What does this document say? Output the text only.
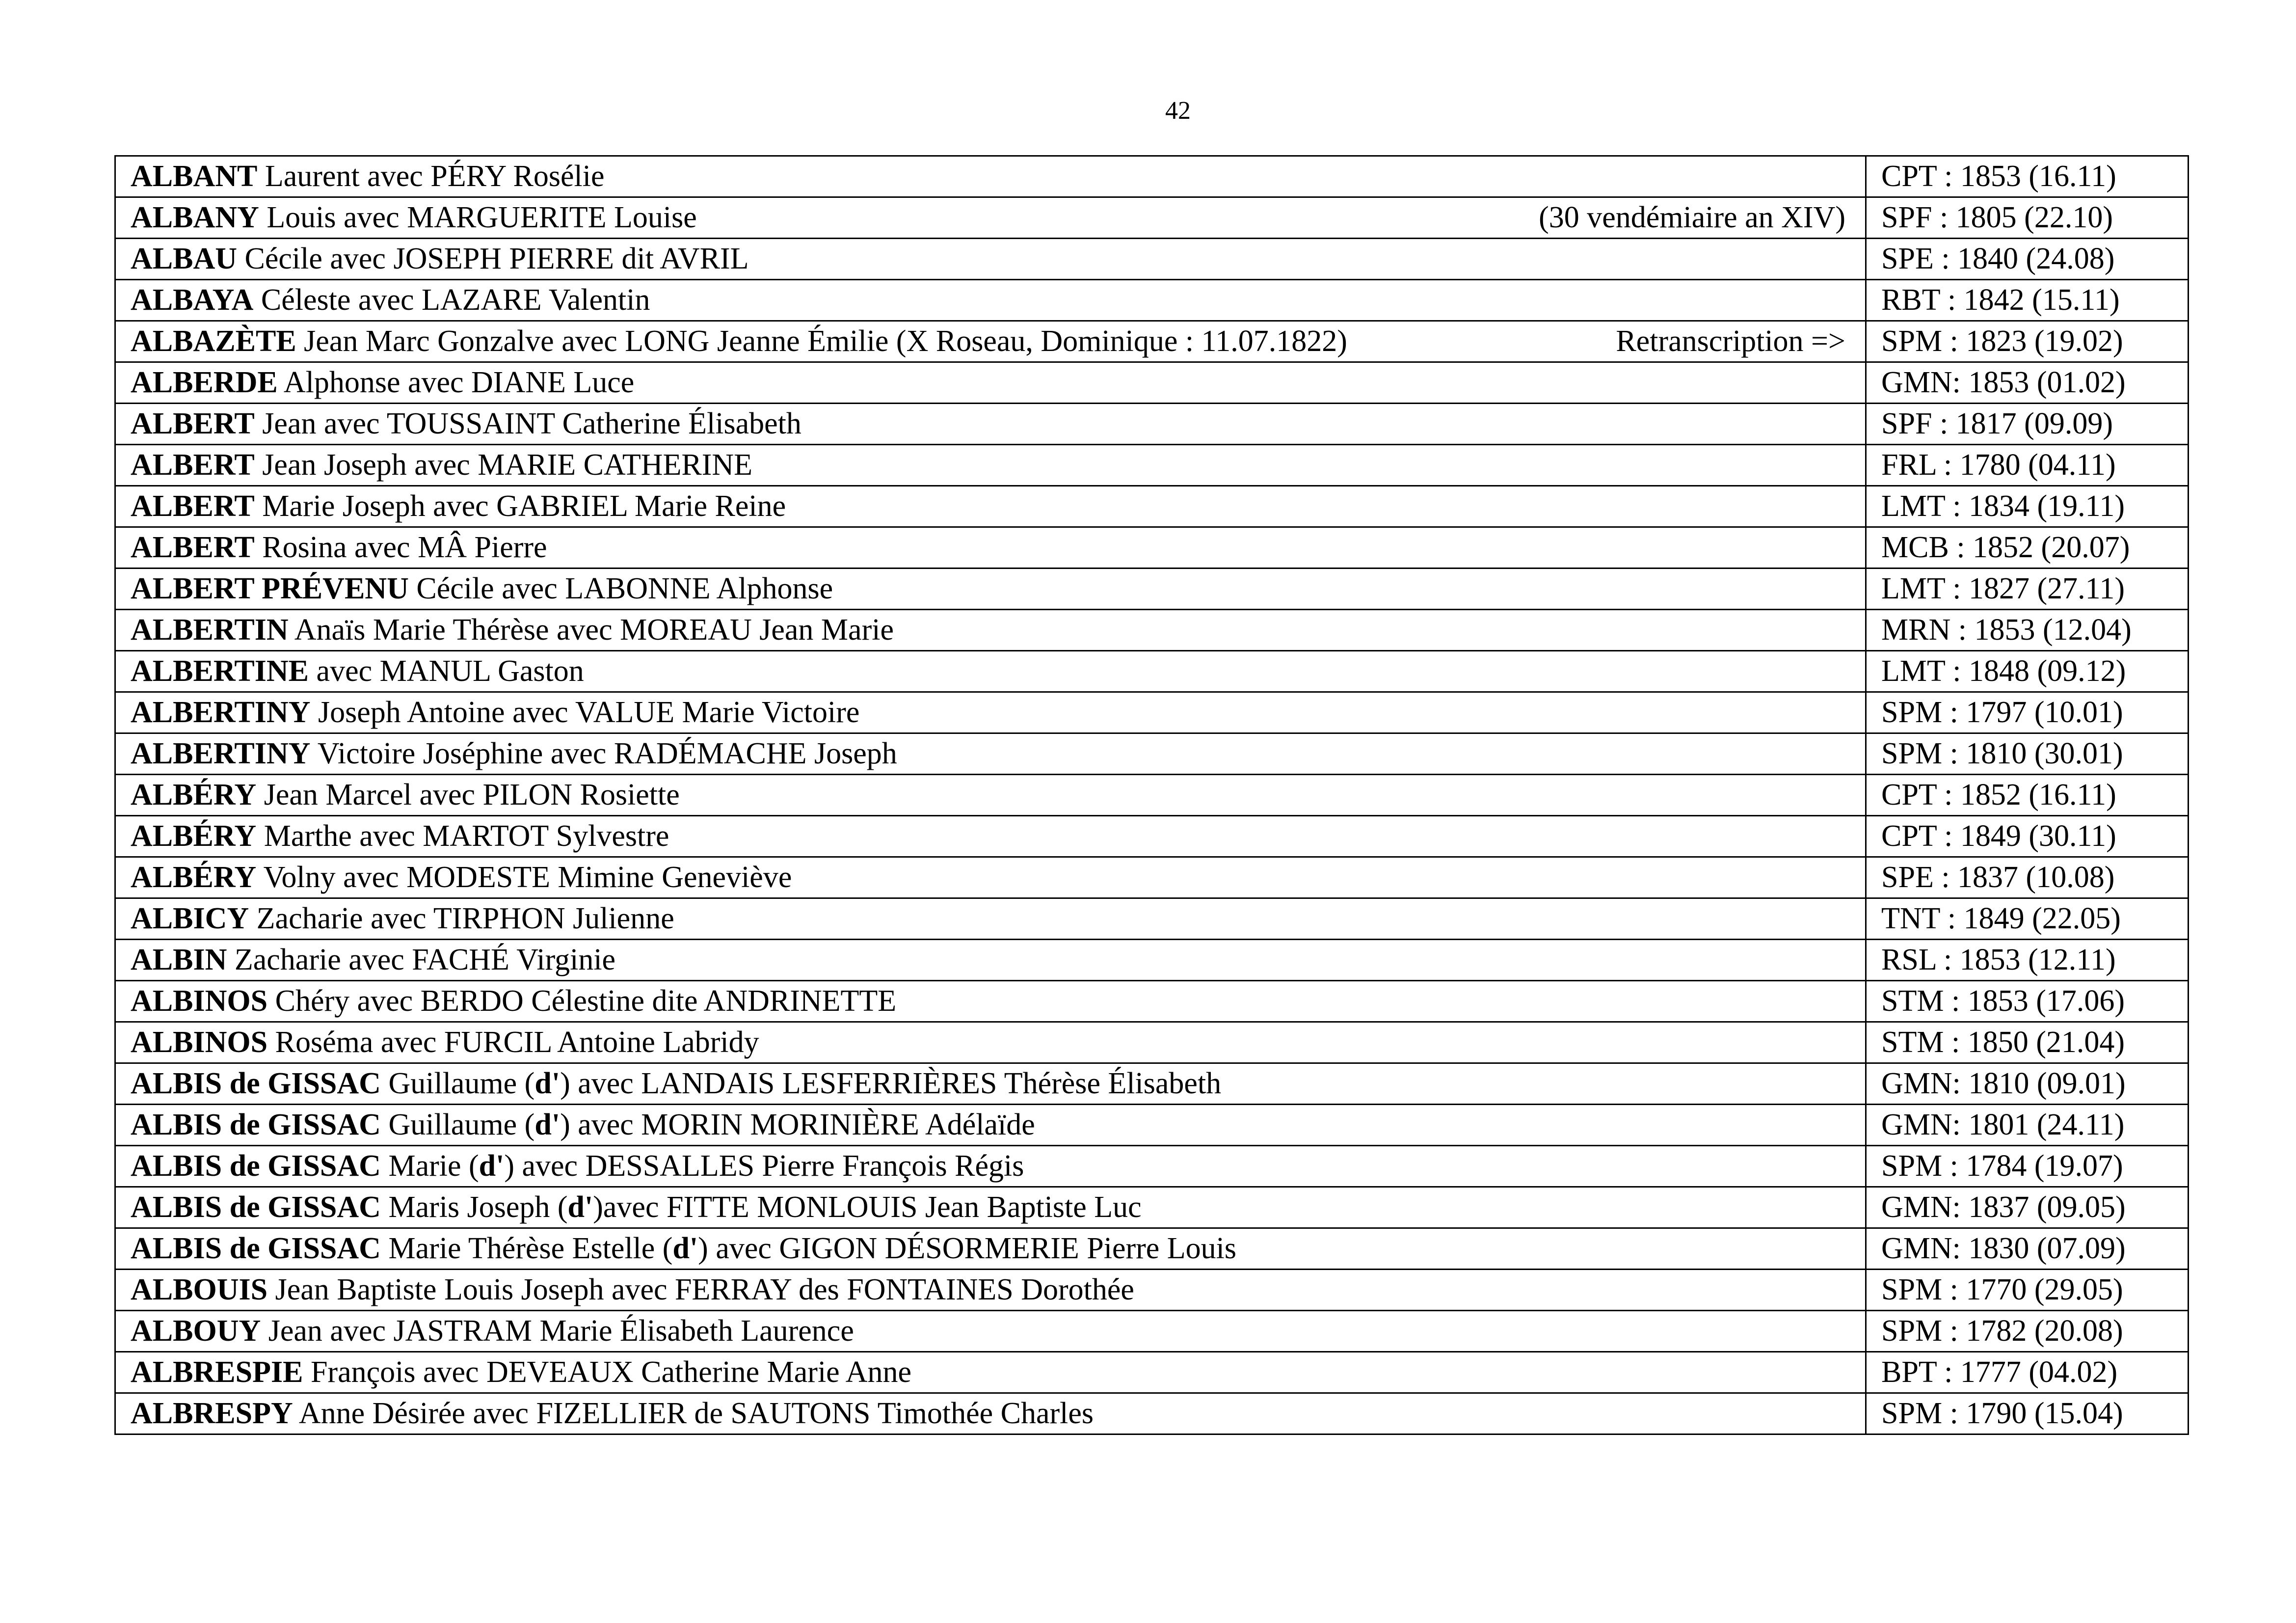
42
ALBANT Laurent avec PÉRY Rosélie	CPT : 1853 (16.11)
ALBANY Louis avec MARGUERITE Louise (30 vendémiaire an XIV)	SPF : 1805 (22.10)
ALBAU Cécile avec JOSEPH PIERRE dit AVRIL	SPE : 1840 (24.08)
ALBAYA Céleste avec LAZARE Valentin	RBT : 1842 (15.11)
ALBAZÈTE Jean Marc Gonzalve avec LONG Jeanne Émilie (X Roseau, Dominique : 11.07.1822) Retranscription =>	SPM : 1823 (19.02)
ALBERDE Alphonse avec DIANE Luce	GMN: 1853 (01.02)
ALBERT Jean avec TOUSSAINT Catherine Élisabeth	SPF : 1817 (09.09)
ALBERT Jean Joseph avec MARIE CATHERINE	FRL : 1780 (04.11)
ALBERT Marie Joseph avec GABRIEL Marie Reine	LMT : 1834 (19.11)
ALBERT Rosina avec MÂ Pierre	MCB : 1852 (20.07)
ALBERT PRÉVENU Cécile avec LABONNE Alphonse	LMT : 1827 (27.11)
ALBERTIN Anaïs Marie Thérèse avec MOREAU Jean Marie	MRN : 1853 (12.04)
ALBERTINE avec MANUL Gaston	LMT : 1848 (09.12)
ALBERTINY Joseph Antoine avec VALUE Marie Victoire	SPM : 1797 (10.01)
ALBERTINY Victoire Joséphine avec RADÉMACHE Joseph	SPM : 1810 (30.01)
ALBÉRY Jean Marcel avec PILON Rosiette	CPT : 1852 (16.11)
ALBÉRY Marthe avec MARTOT Sylvestre	CPT : 1849 (30.11)
ALBÉRY Volny avec MODESTE Mimine Geneviève	SPE : 1837 (10.08)
ALBICY Zacharie avec TIRPHON Julienne	TNT : 1849 (22.05)
ALBIN Zacharie avec FACHÉ Virginie	RSL : 1853 (12.11)
ALBINOS Chéry avec BERDO Célestine dite ANDRINETTE	STM : 1853 (17.06)
ALBINOS Roséma avec FURCIL Antoine Labridy	STM : 1850 (21.04)
ALBIS de GISSAC Guillaume (d') avec LANDAIS LESFERRIÈRES Thérèse Élisabeth	GMN: 1810 (09.01)
ALBIS de GISSAC Guillaume (d') avec MORIN MORINIÈRE Adélaïde	GMN: 1801 (24.11)
ALBIS de GISSAC Marie (d') avec DESSALLES Pierre François Régis	SPM : 1784 (19.07)
ALBIS de GISSAC Maris Joseph (d')avec FITTE MONLOUIS Jean Baptiste Luc	GMN: 1837 (09.05)
ALBIS de GISSAC Marie Thérèse Estelle (d') avec GIGON DÉSORMERIE Pierre Louis	GMN: 1830 (07.09)
ALBOUIS Jean Baptiste Louis Joseph avec FERRAY des FONTAINES Dorothée	SPM : 1770 (29.05)
ALBOUY Jean avec JASTRAM Marie Élisabeth Laurence	SPM : 1782 (20.08)
ALBRESPIE François avec DEVEAUX Catherine Marie Anne	BPT : 1777 (04.02)
ALBRESPY Anne Désirée avec FIZELLIER de SAUTONS Timothée Charles	SPM : 1790 (15.04)
